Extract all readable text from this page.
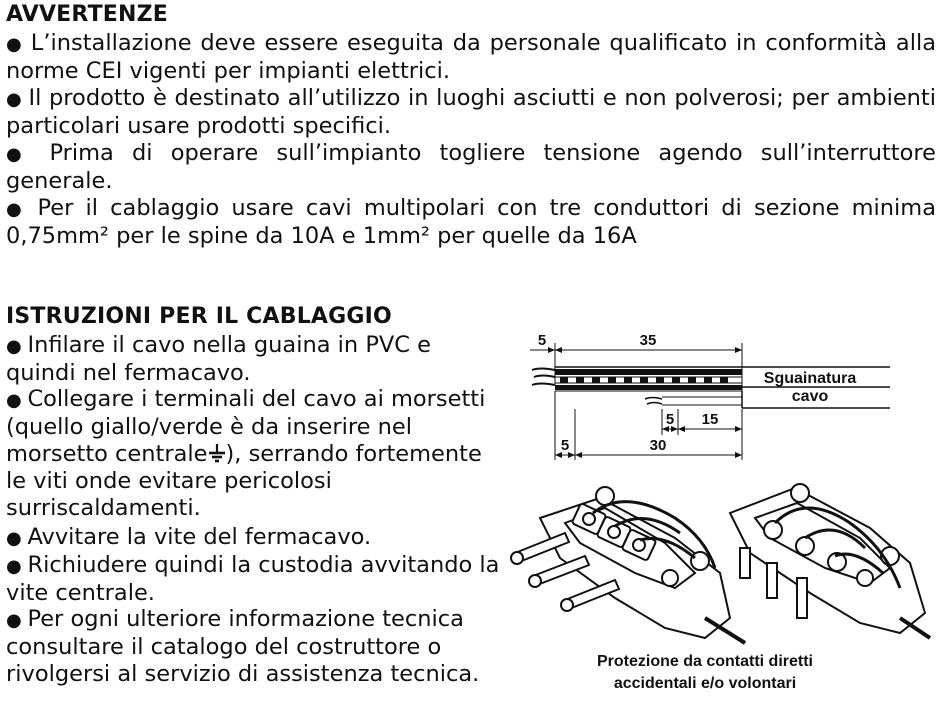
AVVERTENZE

● L’installazione deve essere eseguita da personale qualificato in conformità alla norme CEI vigenti per impianti elettrici.

● Il prodotto è destinato all’utilizzo in luoghi asciutti e non polverosi; per ambienti particolari usare prodotti specifici.

● Prima di operare sull’impianto togliere tensione agendo sull’interruttore generale.

● Per il cablaggio usare cavi multipolari con tre conduttori di sezione minima 0,75mm² per le spine da 10A e 1mm² per quelle da 16A

ISTRUZIONI PER IL CABLAGGIO

● Infilare il cavo nella guaina in PVC e quindi nel fermacavo.

● Collegare i terminali del cavo ai morsetti (quello giallo/verde è da inserire nel morsetto centrale ), serrando fortemente le viti onde evitare pericolosi surriscaldamenti.

● Avvitare la vite del fermacavo.

● Richiudere quindi la custodia avvitando la vite centrale.

● Per ogni ulteriore informazione tecnica consultare il catalogo del costruttore o rivolgersi al servizio di assistenza tecnica.

5	35
Sguainatura
cavo
5 15
5	30

Protezione da contatti diretti
accidentali e/o volontari
